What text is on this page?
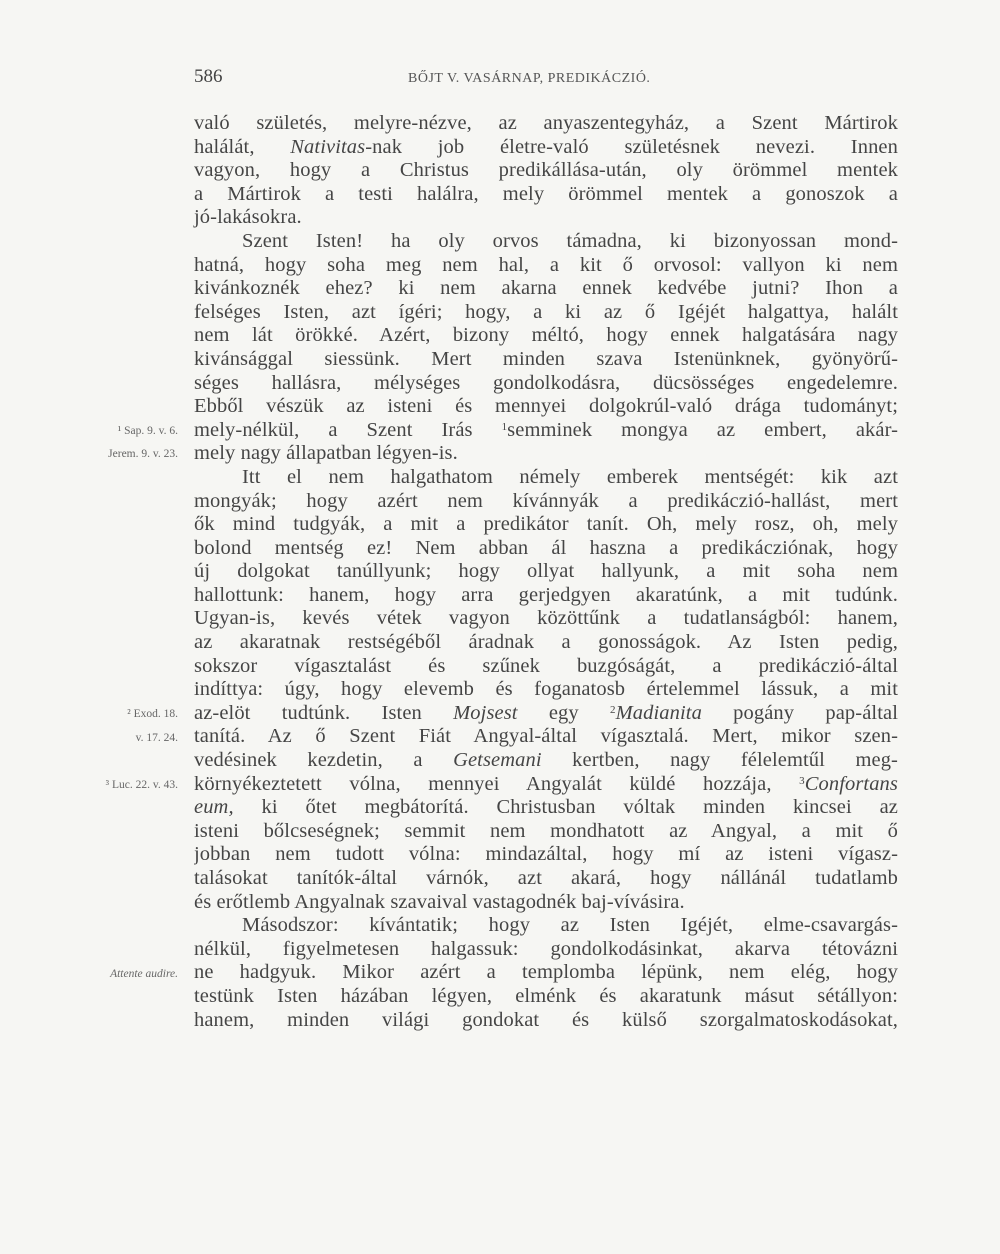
586	BŐJT V. VASÁRNAP, PREDIKÁCZIÓ.
való születés, melyre-nézve, az anyaszentegyház, a Szent Mártirok
halálát, Nativitas-nak job életre-való születésnek nevezi. Innen
vagyon, hogy a Christus predikállása-után, oly örömmel mentek
a Mártirok a testi halálra, mely örömmel mentek a gonoszok a
jó-lakásokra.
Szent Isten! ha oly orvos támadna, ki bizonyossan mond-
hatná, hogy soha meg nem hal, a kit ő orvosol: vallyon ki nem
kivánkoznék ehez? ki nem akarna ennek kedvébe jutni? Ihon a
felséges Isten, azt ígéri; hogy, a ki az ő Igéjét halgattya, halált
nem lát örökké. Azért, bizony méltó, hogy ennek halgatására nagy
kivánsággal siessünk. Mert minden szava Istenünknek, gyönyörű-
séges hallásra, mélységes gondolkodásra, dücsösséges engedelemre.
Ebből vészük az isteni és mennyei dolgokrúl-való drága tudományt;
mely-nélkül, a Szent Irás $^1$semminek mongya az embert, akár-
mely nagy állapatban légyen-is.
Itt el nem halgathatom némely emberek mentségét: kik azt
mongyák; hogy azért nem kívánnyák a predikáczió-hallást, mert
ők mind tudgyák, a mit a predikátor tanít. Oh, mely rosz, oh, mely
bolond mentség ez! Nem abban ál haszna a predikácziónak, hogy
új dolgokat tanúllyunk; hogy ollyat hallyunk, a mit soha nem
hallottunk: hanem, hogy arra gerjedgyen akaratúnk, a mit tudúnk.
Ugyan-is, kevés vétek vagyon közöttűnk a tudatlanságból: hanem,
az akaratnak restségéből áradnak a gonosságok. Az Isten pedig,
sokszor vígasztalást és szűnek buzgóságát, a predikáczió-által
indíttya: úgy, hogy elevemb és foganatosb értelemmel lássuk, a mit
az-elöt tudtúnk. Isten Mojsest egy $^2$Madianita pogány pap-által
tanítá. Az ő Szent Fiát Angyal-által vígasztalá. Mert, mikor szen-
vedésinek kezdetin, a Getsemani kertben, nagy félelemtűl meg-
környékeztetett vólna, mennyei Angyalát küldé hozzája, $^3$Confortans
eum, ki őtet megbátorítá. Christusban vóltak minden kincsei az
isteni bőlcseségnek; semmit nem mondhatott az Angyal, a mit ő
jobban nem tudott vólna: mindazáltal, hogy mí az isteni vígasz-
talásokat tanítók-által várnók, azt akará, hogy nállánál tudatlamb
és erőtlemb Angyalnak szavaival vastagodnék baj-vívásira.
Másodszor: kívántatik; hogy az Isten Igéjét, elme-csavargás-
nélkül, figyelmetesen halgassuk: gondolkodásinkat, akarva tétovázni
ne hadgyuk. Mikor azért a templomba lépünk, nem elég, hogy
testünk Isten házában légyen, elménk és akaratunk másut sétállyon:
hanem, minden világi gondokat és külső szorgalmatoskodásokat,
¹ Sap. 9. v. 6.
Jerem. 9. v. 23.
² Exod. 18.
v. 17. 24.
³ Luc. 22. v. 43.
Attente audire.
